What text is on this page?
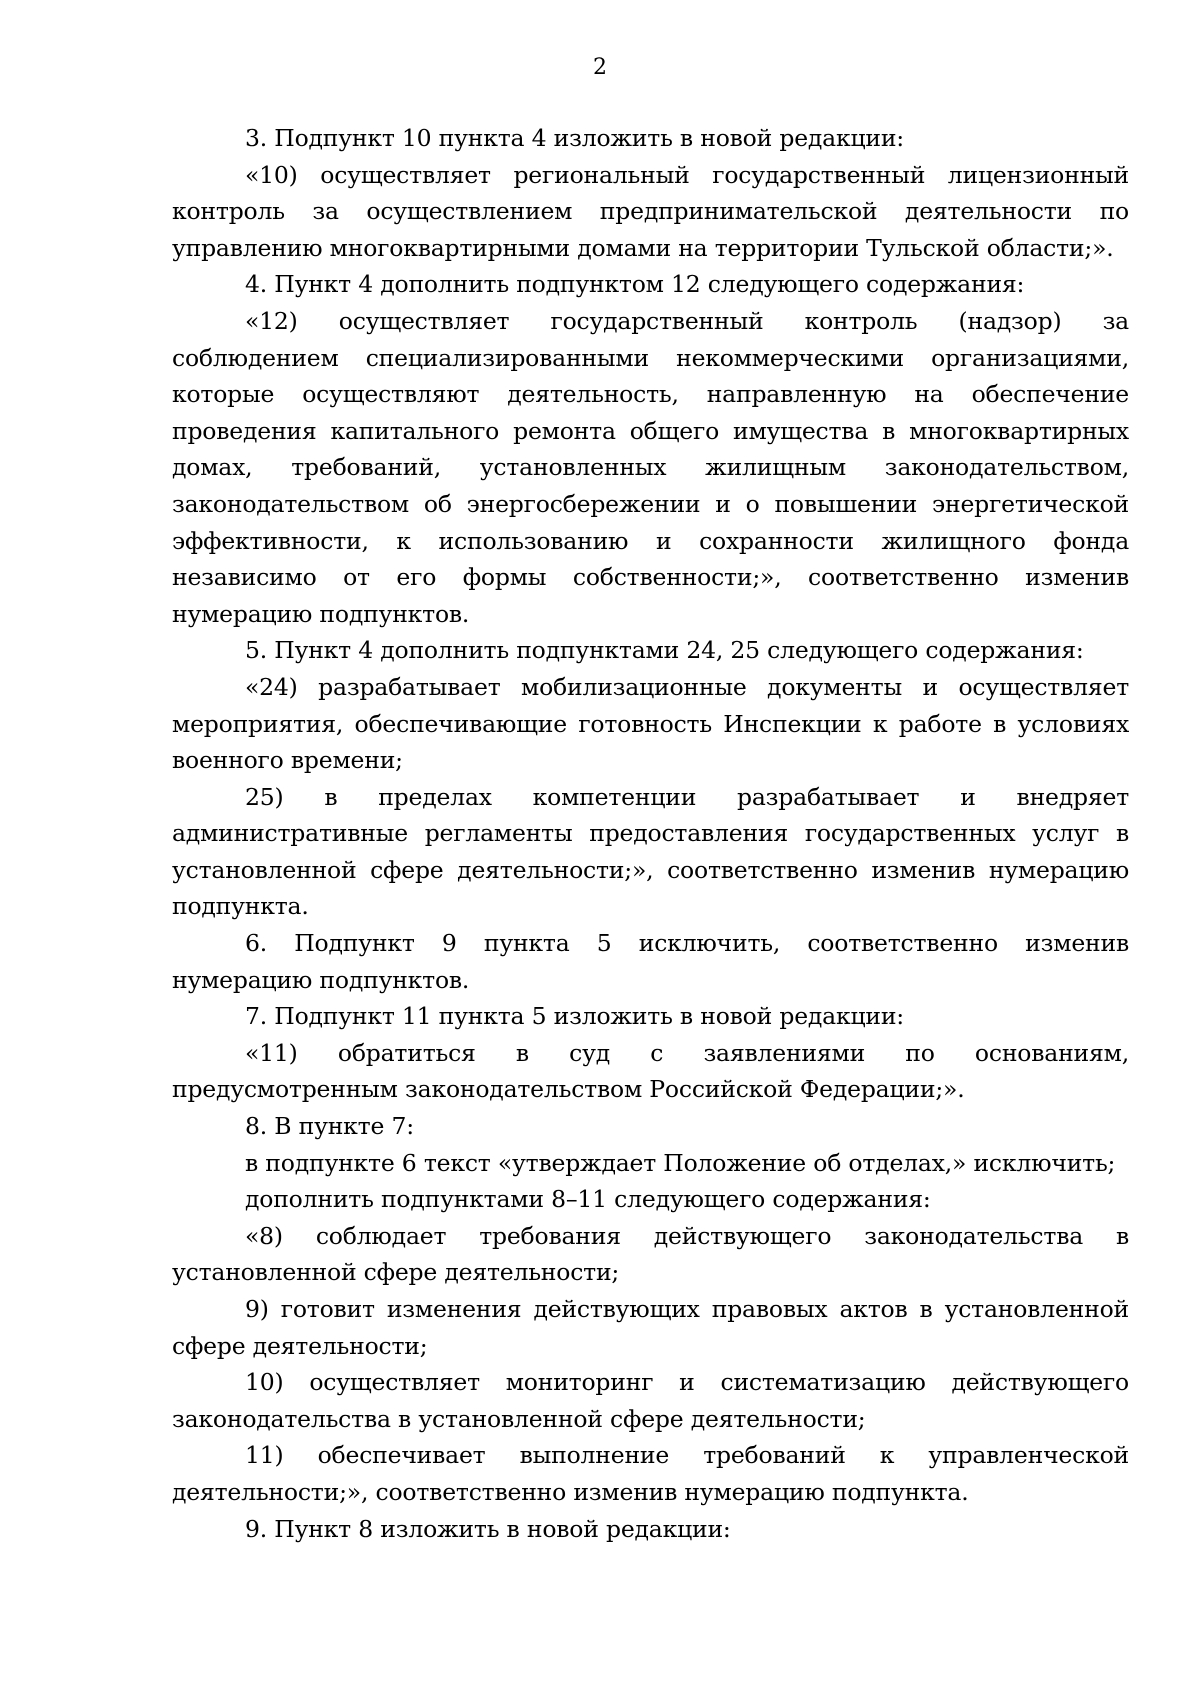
2

3. Подпункт 10 пункта 4 изложить в новой редакции:

«10) осуществляет региональный государственный лицензионный контроль за осуществлением предпринимательской деятельности по управлению многоквартирными домами на территории Тульской области;».

4. Пункт 4 дополнить подпунктом 12 следующего содержания:

«12) осуществляет государственный контроль (надзор) за соблюдением специализированными некоммерческими организациями, которые осуществляют деятельность, направленную на обеспечение проведения капитального ремонта общего имущества в многоквартирных домах, требований, установленных жилищным законодательством, законодательством об энергосбережении и о повышении энергетической эффективности, к использованию и сохранности жилищного фонда независимо от его формы собственности;», соответственно изменив нумерацию подпунктов.

5. Пункт 4 дополнить подпунктами 24, 25 следующего содержания:

«24) разрабатывает мобилизационные документы и осуществляет мероприятия, обеспечивающие готовность Инспекции к работе в условиях военного времени;

25) в пределах компетенции разрабатывает и внедряет административные регламенты предоставления государственных услуг в установленной сфере деятельности;», соответственно изменив нумерацию подпункта.

6. Подпункт 9 пункта 5 исключить, соответственно изменив нумерацию подпунктов.

7. Подпункт 11 пункта 5 изложить в новой редакции:

«11) обратиться в суд с заявлениями по основаниям, предусмотренным законодательством Российской Федерации;».

8. В пункте 7:

в подпункте 6 текст «утверждает Положение об отделах,» исключить;

дополнить подпунктами 8–11 следующего содержания:

«8) соблюдает требования действующего законодательства в установленной сфере деятельности;

9) готовит изменения действующих правовых актов в установленной сфере деятельности;

10) осуществляет мониторинг и систематизацию действующего законодательства в установленной сфере деятельности;

11) обеспечивает выполнение требований к управленческой деятельности;», соответственно изменив нумерацию подпункта.

9. Пункт 8 изложить в новой редакции:
